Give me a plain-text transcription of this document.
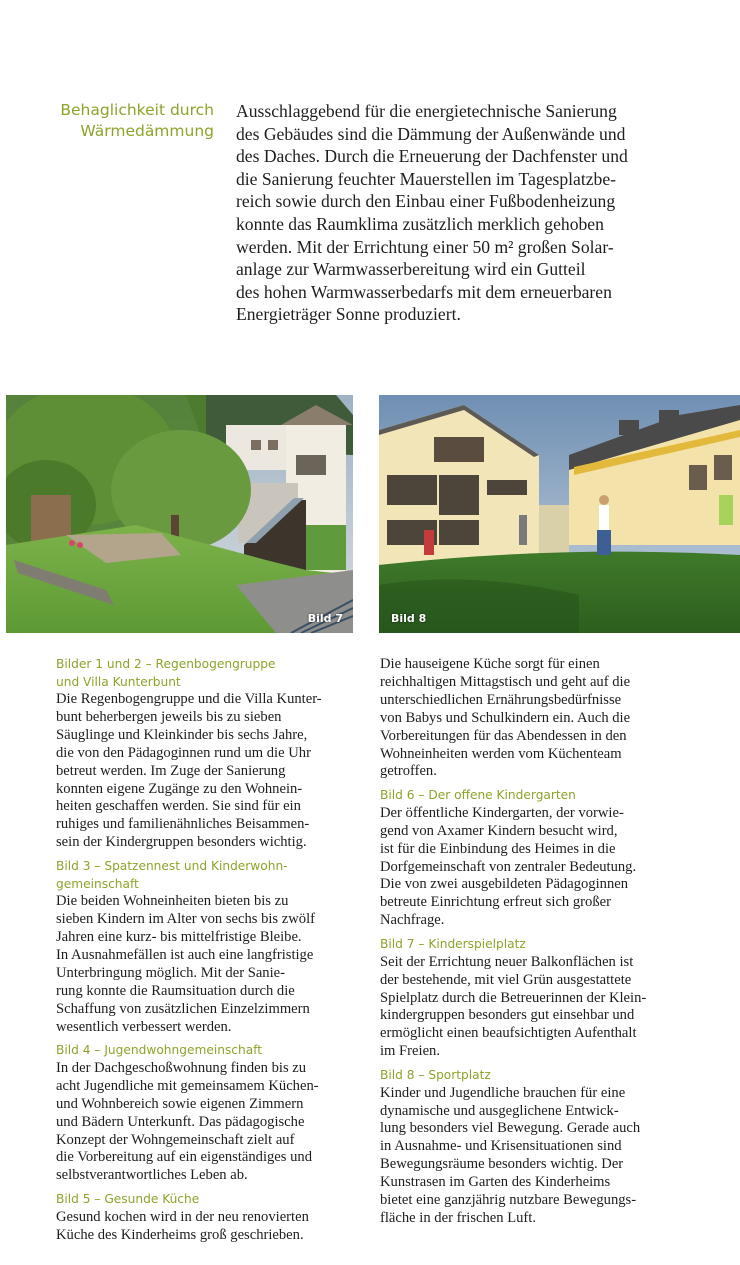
Behaglichkeit durch
Wärmedämmung
Ausschlaggebend für die energietechnische Sanierung
des Gebäudes sind die Dämmung der Außenwände und
des Daches. Durch die Erneuerung der Dachfenster und
die Sanierung feuchter Mauerstellen im Tagesplatzbe-
reich sowie durch den Einbau einer Fußbodenheizung
konnte das Raumklima zusätzlich merklich gehoben
werden. Mit der Errichtung einer 50 m² großen Solar-
anlage zur Warmwasserbereitung wird ein Gutteil
des hohen Warmwasserbedarfs mit dem erneuerbaren
Energieträger Sonne produziert.
Bild 7	Bild 8
Bilder 1 und 2 – Regenbogengruppe
und Villa Kunterbunt
Die Regenbogengruppe und die Villa Kunter-
bunt beherbergen jeweils bis zu sieben
Säuglinge und Kleinkinder bis sechs Jahre,
die von den Pädagoginnen rund um die Uhr
betreut werden. Im Zuge der Sanierung
konnten eigene Zugänge zu den Wohnein-
heiten geschaffen werden. Sie sind für ein
ruhiges und familienähnliches Beisammen-
sein der Kindergruppen besonders wichtig.
Bild 3 – Spatzennest und Kinderwohn-
gemeinschaft
Die beiden Wohneinheiten bieten bis zu
sieben Kindern im Alter von sechs bis zwölf
Jahren eine kurz- bis mittelfristige Bleibe.
In Ausnahmefällen ist auch eine langfristige
Unterbringung möglich. Mit der Sanie-
rung konnte die Raumsituation durch die
Schaffung von zusätzlichen Einzelzimmern
wesentlich verbessert werden.
Bild 4 – Jugendwohngemeinschaft
In der Dachgeschoßwohnung finden bis zu
acht Jugendliche mit gemeinsamem Küchen-
und Wohnbereich sowie eigenen Zimmern
und Bädern Unterkunft. Das pädagogische
Konzept der Wohngemeinschaft zielt auf
die Vorbereitung auf ein eigenständiges und
selbstverantwortliches Leben ab.
Bild 5 – Gesunde Küche
Gesund kochen wird in der neu renovierten
Küche des Kinderheims groß geschrieben.
Die hauseigene Küche sorgt für einen
reichhaltigen Mittagstisch und geht auf die
unterschiedlichen Ernährungsbedürfnisse
von Babys und Schulkindern ein. Auch die
Vorbereitungen für das Abendessen in den
Wohneinheiten werden vom Küchenteam
getroffen.
Bild 6 – Der offene Kindergarten
Der öffentliche Kindergarten, der vorwie-
gend von Axamer Kindern besucht wird,
ist für die Einbindung des Heimes in die
Dorfgemeinschaft von zentraler Bedeutung.
Die von zwei ausgebildeten Pädagoginnen
betreute Einrichtung erfreut sich großer
Nachfrage.
Bild 7 – Kinderspielplatz
Seit der Errichtung neuer Balkonflächen ist
der bestehende, mit viel Grün ausgestattete
Spielplatz durch die Betreuerinnen der Klein-
kindergruppen besonders gut einsehbar und
ermöglicht einen beaufsichtigten Aufenthalt
im Freien.
Bild 8 – Sportplatz
Kinder und Jugendliche brauchen für eine
dynamische und ausgeglichene Entwick-
lung besonders viel Bewegung. Gerade auch
in Ausnahme- und Krisensituationen sind
Bewegungsräume besonders wichtig. Der
Kunstrasen im Garten des Kinderheims
bietet eine ganzjährig nutzbare Bewegungs-
fläche in der frischen Luft.
